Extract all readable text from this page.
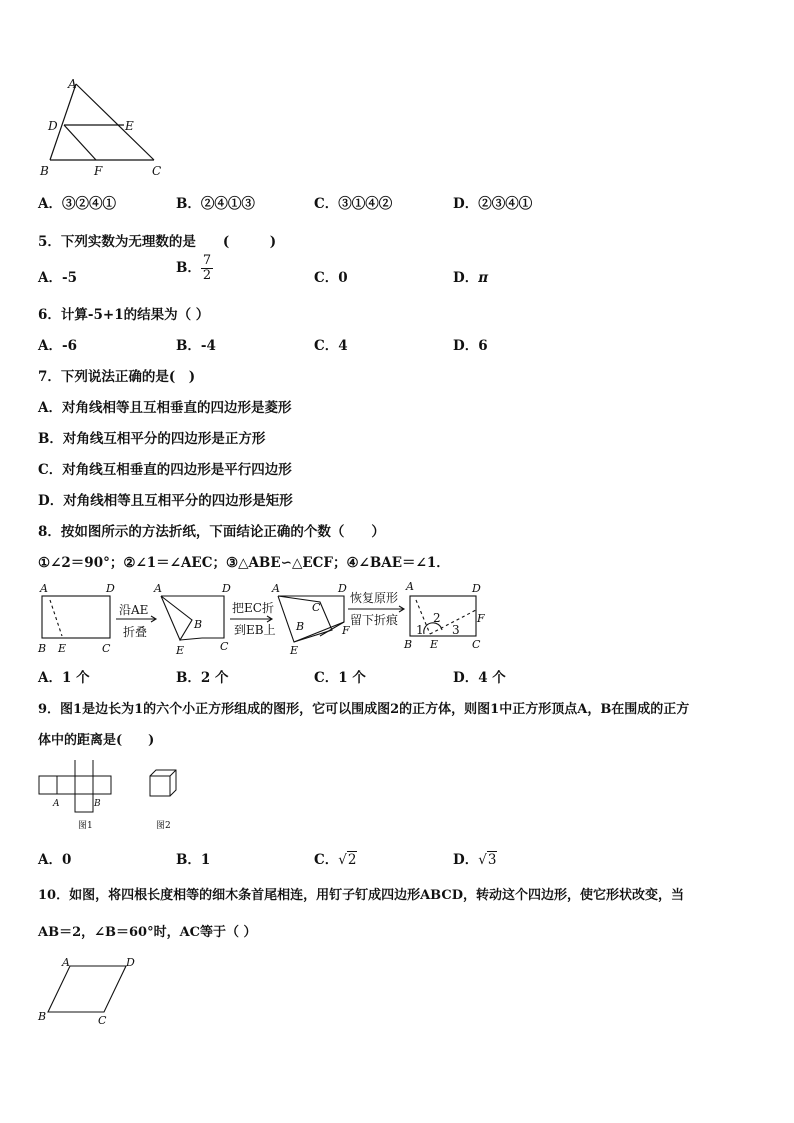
A
D	E
B	F	C
A．③②④①	B．②④①③	C．③①④②	D．②③④①
5．下列实数为无理数的是　　(　　　)
A．-5
B． $\frac{7}{2}$	C．0	D．π
6．计算-5+1的结果为（ ）
A．-6	B．-4	C．4	D．6
7．下列说法正确的是(　)
A．对角线相等且互相垂直的四边形是菱形
B．对角线互相平分的四边形是正方形
C．对角线互相垂直的四边形是平行四边形
D．对角线相等且互相平分的四边形是矩形
8．按如图所示的方法折纸，下面结论正确的个数（　　）
①∠2＝90°；②∠1＝∠AEC；③△ABE∽△ECF；④∠BAE＝∠1．
A	D
B E	C
A	D
B
E	C
A	D
C
B	F
E
A	D
F
B E	C
1
2
3
沿AE
折叠
把EC折
到EB上
恢复原形
留下折痕
A．1 个	B．2 个	C．1 个	D．4 个
9．图1是边长为1的六个小正方形组成的图形，它可以围成图2的正方体，则图1中正方形顶点A，B在围成的正方
体中的距离是(　　)
A	B
图1	图2
A．0	B．1	C．√2	D．√3
10．如图，将四根长度相等的细木条首尾相连，用钉子钉成四边形ABCD，转动这个四边形，使它形状改变，当
AB＝2，∠B＝60°时，AC等于（ ）
A	D
B	C
